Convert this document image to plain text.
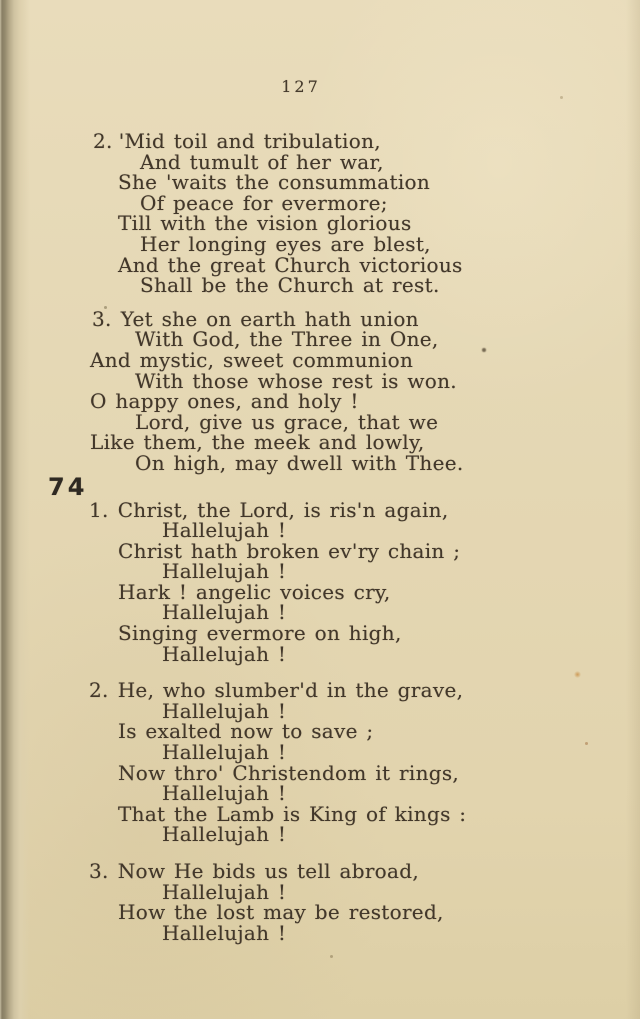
127
2. 'Mid toil and tribulation,
And tumult of her war,
She 'waits the consummation
Of peace for evermore;
Till with the vision glorious
Her longing eyes are blest,
And the great Church victorious
Shall be the Church at rest.
3. Yet she on earth hath union
With God, the Three in One,
And mystic, sweet communion
With those whose rest is won.
O happy ones, and holy !
Lord, give us grace, that we
Like them, the meek and lowly,
On high, may dwell with Thee.
74
1. Christ, the Lord, is ris'n again,
Hallelujah !
Christ hath broken ev'ry chain ;
Hallelujah !
Hark ! angelic voices cry,
Hallelujah !
Singing evermore on high,
Hallelujah !
2. He, who slumber'd in the grave,
Hallelujah !
Is exalted now to save ;
Hallelujah !
Now thro' Christendom it rings,
Hallelujah !
That the Lamb is King of kings :
Hallelujah !
3. Now He bids us tell abroad,
Hallelujah !
How the lost may be restored,
Hallelujah !
